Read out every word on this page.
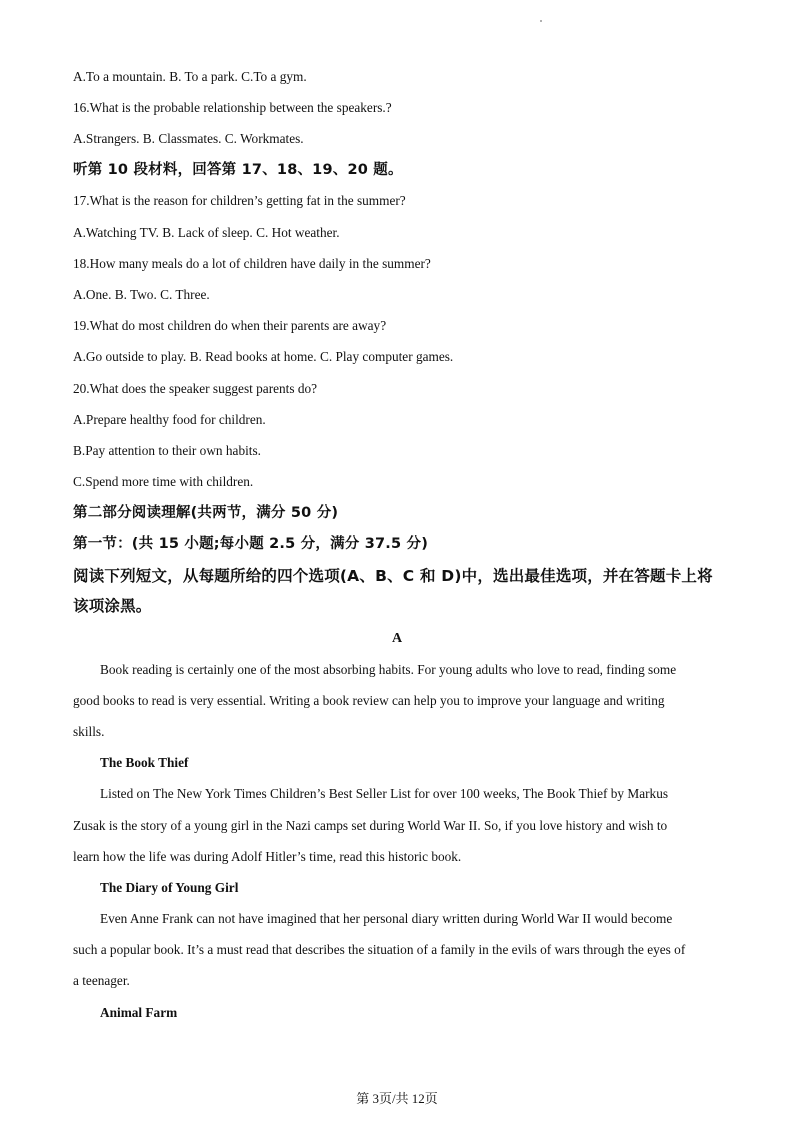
A.To a mountain. B. To a park. C.To a gym.
16.What is the probable relationship between the speakers.?
A.Strangers. B. Classmates. C. Workmates.
听第 10 段材料，回答第 17、18、19、20 题。
17.What is the reason for children’s getting fat in the summer?
A.Watching TV. B. Lack of sleep. C. Hot weather.
18.How many meals do a lot of children have daily in the summer?
A.One. B. Two. C. Three.
19.What do most children do when their parents are away?
A.Go outside to play. B. Read books at home. C. Play computer games.
20.What does the speaker suggest parents do?
A.Prepare healthy food for children.
B.Pay attention to their own habits.
C.Spend more time with children.
第二部分阅读理解(共两节，满分 50 分)
第一节：(共 15 小题;每小题 2.5 分，满分 37.5 分)
阅读下列短文，从每题所给的四个选项(A、B、C 和 D)中，选出最佳选项，并在答题卡上将
该项涂黑。
A
Book reading is certainly one of the most absorbing habits. For young adults who love to read, finding some
good books to read is very essential. Writing a book review can help you to improve your language and writing
skills.
The Book Thief
Listed on The New York Times Children’s Best Seller List for over 100 weeks, The Book Thief by Markus
Zusak is the story of a young girl in the Nazi camps set during World War II. So, if you love history and wish to
learn how the life was during Adolf Hitler’s time, read this historic book.
The Diary of Young Girl
Even Anne Frank can not have imagined that her personal diary written during World War II would become
such a popular book. It’s a must read that describes the situation of a family in the evils of wars through the eyes of
a teenager.
Animal Farm
第 3页/共 12页
